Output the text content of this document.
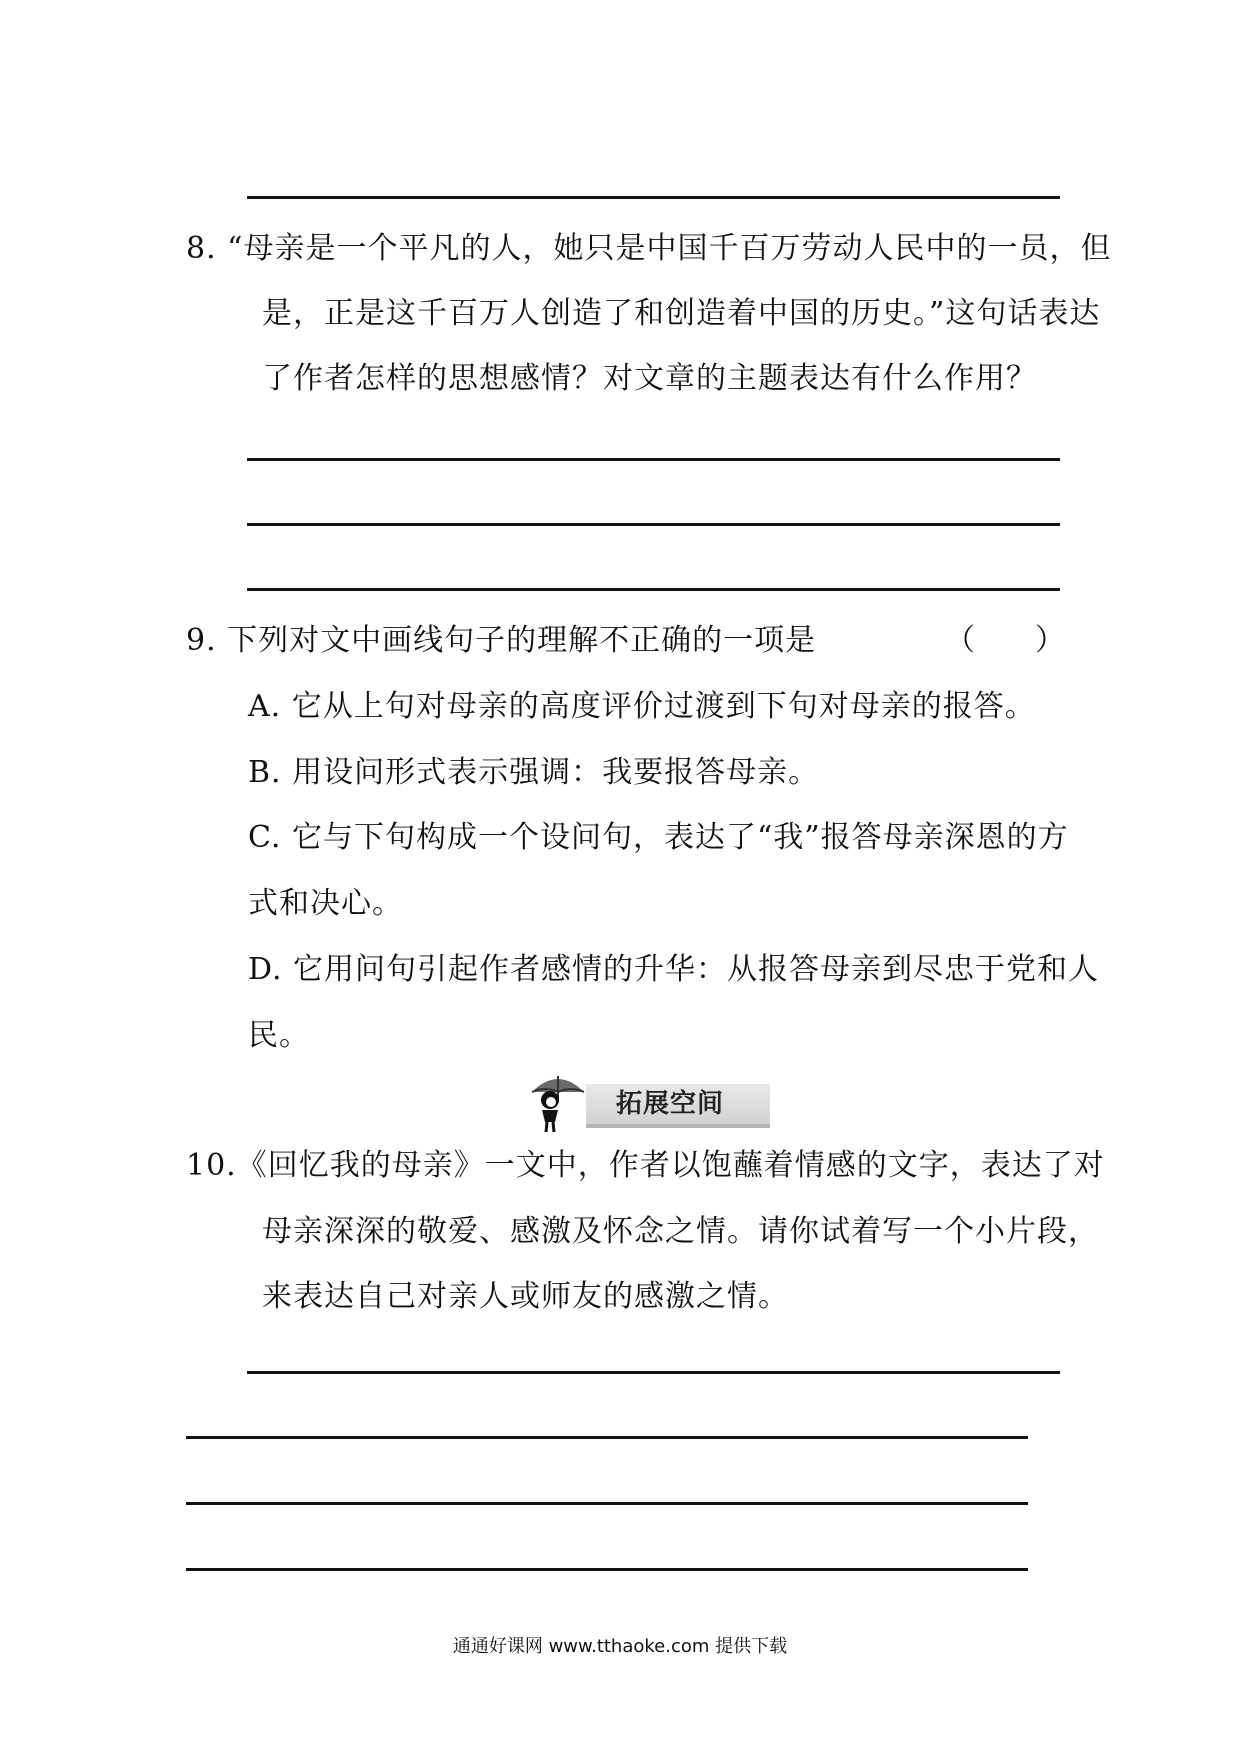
8. “母亲是一个平凡的人，她只是中国千百万劳动人民中的一员，但
是，正是这千百万人创造了和创造着中国的历史。”这句话表达
了作者怎样的思想感情？对文章的主题表达有什么作用？
9. 下列对文中画线句子的理解不正确的一项是	（　　）
A. 它从上句对母亲的高度评价过渡到下句对母亲的报答。
B. 用设问形式表示强调：我要报答母亲。
C. 它与下句构成一个设问句，表达了“我”报答母亲深恩的方
式和决心。
D. 它用问句引起作者感情的升华：从报答母亲到尽忠于党和人
民。
拓展空间
10.《回忆我的母亲》一文中，作者以饱蘸着情感的文字，表达了对
母亲深深的敬爱、感激及怀念之情。请你试着写一个小片段，
来表达自己对亲人或师友的感激之情。
通通好课网 www.tthaoke.com 提供下载
